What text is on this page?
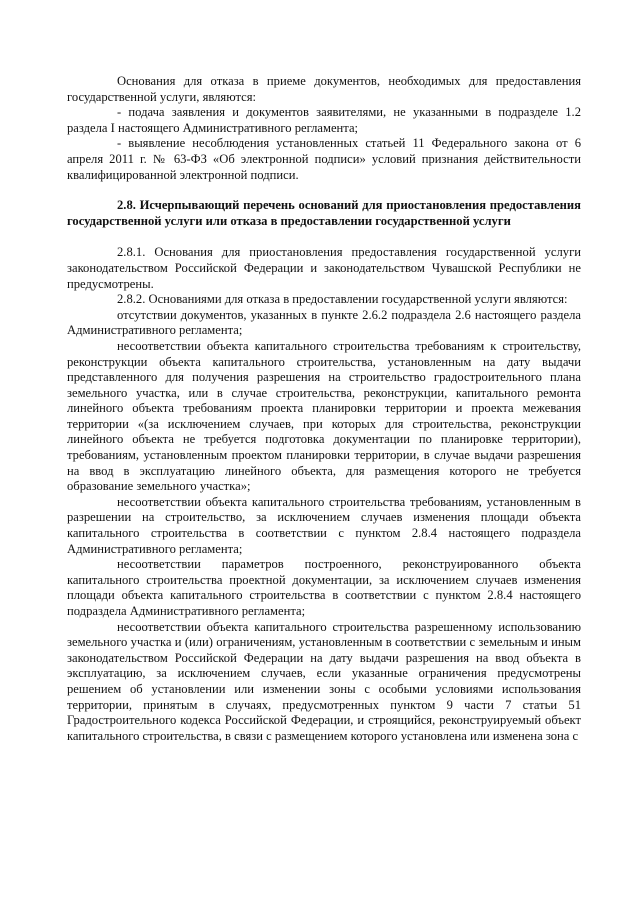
Основания для отказа в приеме документов, необходимых для предоставления государственной услуги, являются:

- подача заявления и документов заявителями, не указанными в подразделе 1.2 раздела I настоящего Административного регламента;

- выявление несоблюдения установленных статьей 11 Федерального закона от 6 апреля 2011 г. № 63-ФЗ «Об электронной подписи» условий признания действительности квалифицированной электронной подписи.

2.8. Исчерпывающий перечень оснований для приостановления предоставления государственной услуги или отказа в предоставлении государственной услуги

2.8.1. Основания для приостановления предоставления государственной услуги законодательством Российской Федерации и законодательством Чувашской Республики не предусмотрены.

2.8.2. Основаниями для отказа в предоставлении государственной услуги являются:

отсутствии документов, указанных в пункте 2.6.2 подраздела 2.6 настоящего раздела Административного регламента;

несоответствии объекта капитального строительства требованиям к строительству, реконструкции объекта капитального строительства, установленным на дату выдачи представленного для получения разрешения на строительство градостроительного плана земельного участка, или в случае строительства, реконструкции, капитального ремонта линейного объекта требованиям проекта планировки территории и проекта межевания территории «(за исключением случаев, при которых для строительства, реконструкции линейного объекта не требуется подготовка документации по планировке территории), требованиям, установленным проектом планировки территории, в случае выдачи разрешения на ввод в эксплуатацию линейного объекта, для размещения которого не требуется образование земельного участка»;

несоответствии объекта капитального строительства требованиям, установленным в разрешении на строительство, за исключением случаев изменения площади объекта капитального строительства в соответствии с пунктом 2.8.4 настоящего подраздела Административного регламента;

несоответствии параметров построенного, реконструированного объекта капитального строительства проектной документации, за исключением случаев изменения площади объекта капитального строительства в соответствии с пунктом 2.8.4 настоящего подраздела Административного регламента;

несоответствии объекта капитального строительства разрешенному использованию земельного участка и (или) ограничениям, установленным в соответствии с земельным и иным законодательством Российской Федерации на дату выдачи разрешения на ввод объекта в эксплуатацию, за исключением случаев, если указанные ограничения предусмотрены решением об установлении или изменении зоны с особыми условиями использования территории, принятым в случаях, предусмотренных пунктом 9 части 7 статьи 51 Градостроительного кодекса Российской Федерации, и строящийся, реконструируемый объект капитального строительства, в связи с размещением которого установлена или изменена зона с
